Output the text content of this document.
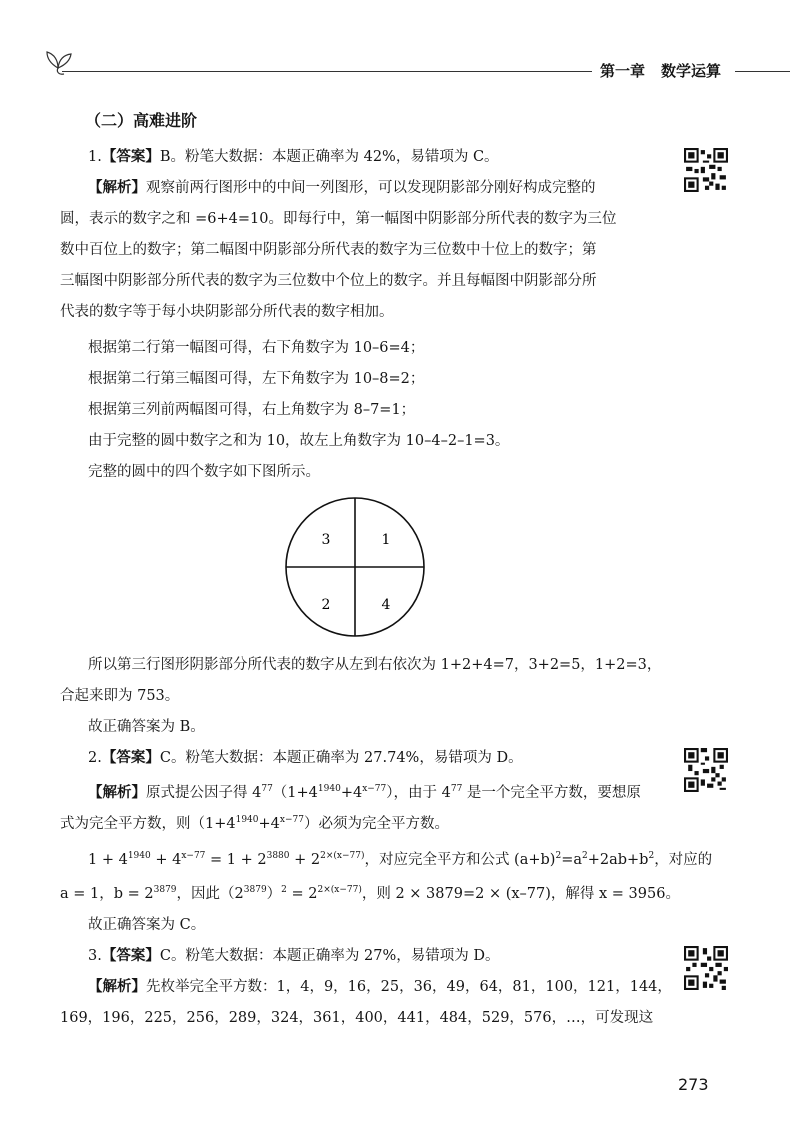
第一章 数学运算
（二）高难进阶
1.【答案】B。粉笔大数据：本题正确率为 42%，易错项为 C。
【解析】观察前两行图形中的中间一列图形，可以发现阴影部分刚好构成完整的
圆，表示的数字之和 =6+4=10。即每行中，第一幅图中阴影部分所代表的数字为三位
数中百位上的数字；第二幅图中阴影部分所代表的数字为三位数中十位上的数字；第
三幅图中阴影部分所代表的数字为三位数中个位上的数字。并且每幅图中阴影部分所
代表的数字等于每小块阴影部分所代表的数字相加。
根据第二行第一幅图可得，右下角数字为 10–6=4；
根据第二行第三幅图可得，左下角数字为 10–8=2；
根据第三列前两幅图可得，右上角数字为 8–7=1；
由于完整的圆中数字之和为 10，故左上角数字为 10–4–2–1=3。
完整的圆中的四个数字如下图所示。
3	1
2	4
所以第三行图形阴影部分所代表的数字从左到右依次为 1+2+4=7，3+2=5，1+2=3，
合起来即为 753。
故正确答案为 B。
2.【答案】C。粉笔大数据：本题正确率为 27.74%，易错项为 D。
【解析】原式提公因子得 $4^{77}(1+4^{1940}+4^{x-77})$，由于 $4^{77}$ 是一个完全平方数，要想原
式为完全平方数，则$(1+4^{1940}+4^{x-77})$必须为完全平方数。
$1 + 4^{1940} + 4^{x-77} = 1 + 2^{3880} + 2^{2\times(x-77)}$，对应完全平方和公式 $(a+b)^2=a^2+2ab+b^2$，对应的
a = 1，$b = 2^{3879}$，因此$(2^{3879})^2 = 2^{2\times(x-77)}$，则 2 × 3879=2 × (x–77)，解得 x = 3956。
故正确答案为 C。
3.【答案】C。粉笔大数据：本题正确率为 27%，易错项为 D。
【解析】先枚举完全平方数：1，4，9，16，25，36，49，64，81，100，121，144，
169，196，225，256，289，324，361，400，441，484，529，576，…，可发现这
273
